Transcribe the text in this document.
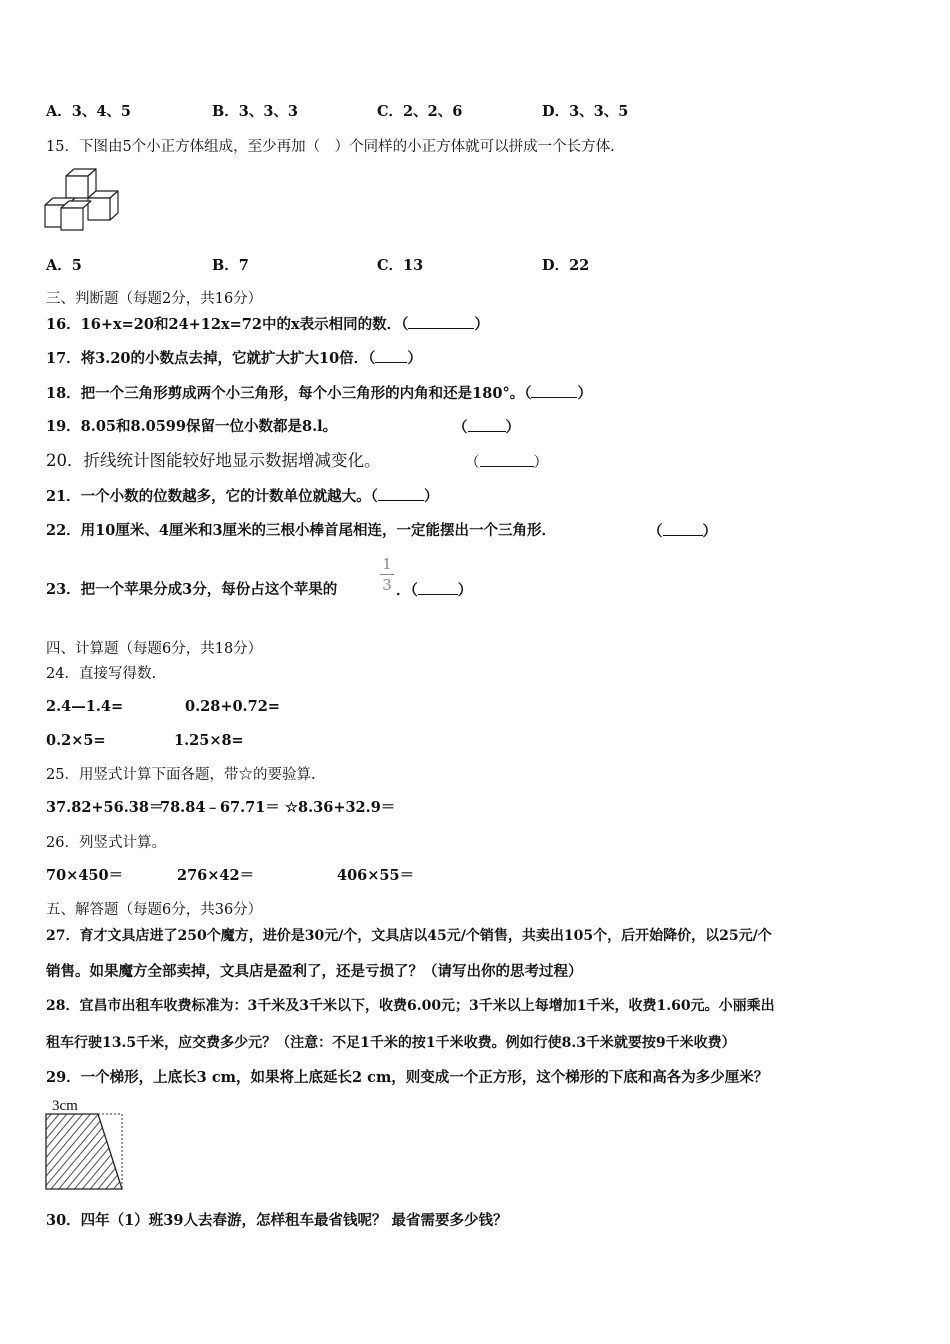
A．3、4、5	B．3、3、3	C．2、2、6	D．3、3、5
15．下图由5个小正方体组成，至少再加（　）个同样的小正方体就可以拼成一个长方体.
A．5	B．7	C．13	D．22
三、判断题（每题2分，共16分）
16．16+x=20和24+12x=72中的x表示相同的数．（	）
17．将3.20的小数点去掉，它就扩大扩大10倍．（ ）
18．把一个三角形剪成两个小三角形，每个小三角形的内角和还是180°。（	）
19．8.05和8.0599保留一位小数都是8.l。	（	）
20．折线统计图能较好地显示数据增减变化。	（	）
21．一个小数的位数越多，它的计数单位就越大。（	）
22．用10厘米、4厘米和3厘米的三根小棒首尾相连，一定能摆出一个三角形．	（	）
23．把一个苹果分成3分，每份占这个苹果的
1
3 ．（	）
四、计算题（每题6分，共18分）
24．直接写得数.
2.4—1.4=	0.28+0.72=
0.2×5=	1.25×8=
25．用竖式计算下面各题，带☆的要验算.
37.82+56.38＝
78.84﹣67.71＝ ☆8.36+32.9＝
26．列竖式计算。
70×450＝	276×42＝	406×55＝
五、解答题（每题6分，共36分）
27．育才文具店进了250个魔方，进价是30元/个，文具店以45元/个销售，共卖出105个，后开始降价，以25元/个
销售。如果魔方全部卖掉，文具店是盈利了，还是亏损了？（请写出你的思考过程）
28．宜昌市出租车收费标准为：3千米及3千米以下，收费6.00元；3千米以上每增加1千米，收费1.60元。小丽乘出
租车行驶13.5千米，应交费多少元？（注意：不足1千米的按1千米收费。例如行使8.3千米就要按9千米收费）
29．一个梯形，上底长3 cm，如果将上底延长2 cm，则变成一个正方形，这个梯形的下底和高各为多少厘米？
3cm
30．四年（1）班39人去春游，怎样租车最省钱呢？ 最省需要多少钱？
